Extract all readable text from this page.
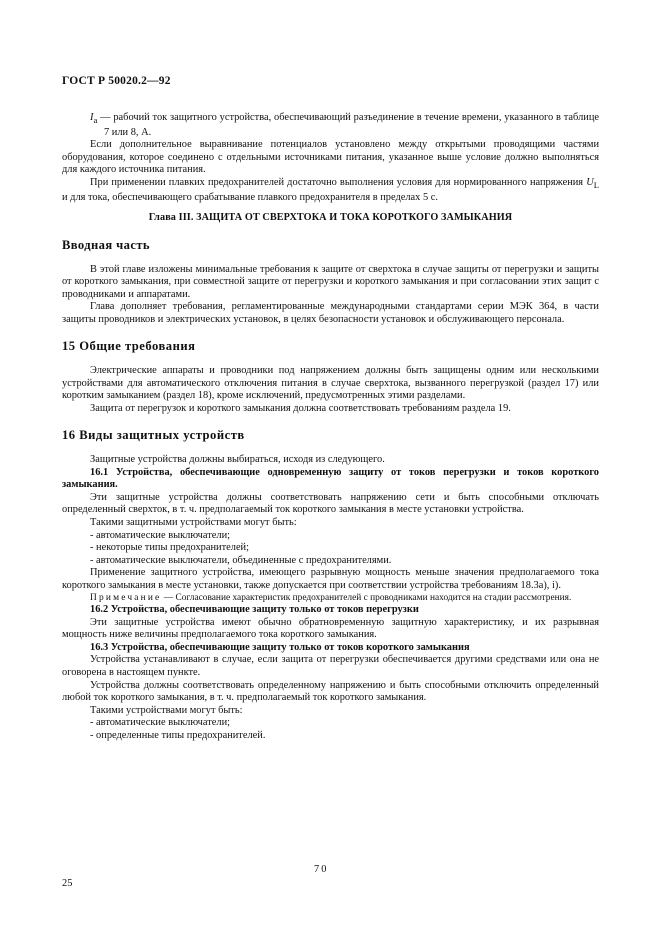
ГОСТ Р 50020.2—92

$I_a$ — рабочий ток защитного устройства, обеспечивающий разъединение в течение времени, указанного в таблице 7 или 8, А.

Если дополнительное выравнивание потенциалов установлено между открытыми проводящими частями оборудования, которое соединено с отдельными источниками питания, указанное выше условие должно выполняться для каждого источника питания.

При применении плавких предохранителей достаточно выполнения условия для нормированного напряжения $U_L$ и для тока, обеспечивающего срабатывание плавкого предохранителя в пределах 5 с.

Глава III. ЗАЩИТА ОТ СВЕРХТОКА И ТОКА КОРОТКОГО ЗАМЫКАНИЯ
Вводная часть

В этой главе изложены минимальные требования к защите от сверхтока в случае защиты от перегрузки и защиты от короткого замыкания, при совместной защите от перегрузки и короткого замыкания и при согласовании этих защит с проводниками и аппаратами.

Глава дополняет требования, регламентированные международными стандартами серии МЭК 364, в части защиты проводников и электрических установок, в целях безопасности установок и обслуживающего персонала.

15 Общие требования

Электрические аппараты и проводники под напряжением должны быть защищены одним или несколькими устройствами для автоматического отключения питания в случае сверхтока, вызванного перегрузкой (раздел 17) или коротким замыканием (раздел 18), кроме исключений, предусмотренных этими разделами.

Защита от перегрузок и короткого замыкания должна соответствовать требованиям раздела 19.

16 Виды защитных устройств

Защитные устройства должны выбираться, исходя из следующего.

16.1 Устройства, обеспечивающие одновременную защиту от токов перегрузки и токов короткого замыкания.

Эти защитные устройства должны соответствовать напряжению сети и быть способными отключать определенный сверхток, в т. ч. предполагаемый ток короткого замыкания в месте установки устройства.

Такими защитными устройствами могут быть:

- автоматические выключатели;

- некоторые типы предохранителей;

- автоматические выключатели, объединенные с предохранителями.

Применение защитного устройства, имеющего разрывную мощность меньше значения предполагаемого тока короткого замыкания в месте установки, также допускается при соответствии устройства требованиям 18.3а), i).

Примечание — Согласование характеристик предохранителей с проводниками находится на стадии рассмотрения.

16.2 Устройства, обеспечивающие защиту только от токов перегрузки

Эти защитные устройства имеют обычно обратновременную защитную характеристику, и их разрывная мощность ниже величины предполагаемого тока короткого замыкания.

16.3 Устройства, обеспечивающие защиту только от токов короткого замыкания

Устройства устанавливают в случае, если защита от перегрузки обеспечивается другими средствами или она не оговорена в настоящем пункте.

Устройства должны соответствовать определенному напряжению и быть способными отключить определенный любой ток короткого замыкания, в т. ч. предполагаемый ток короткого замыкания.

Такими устройствами могут быть:

- автоматические выключатели;

- определенные типы предохранителей.

70
25
